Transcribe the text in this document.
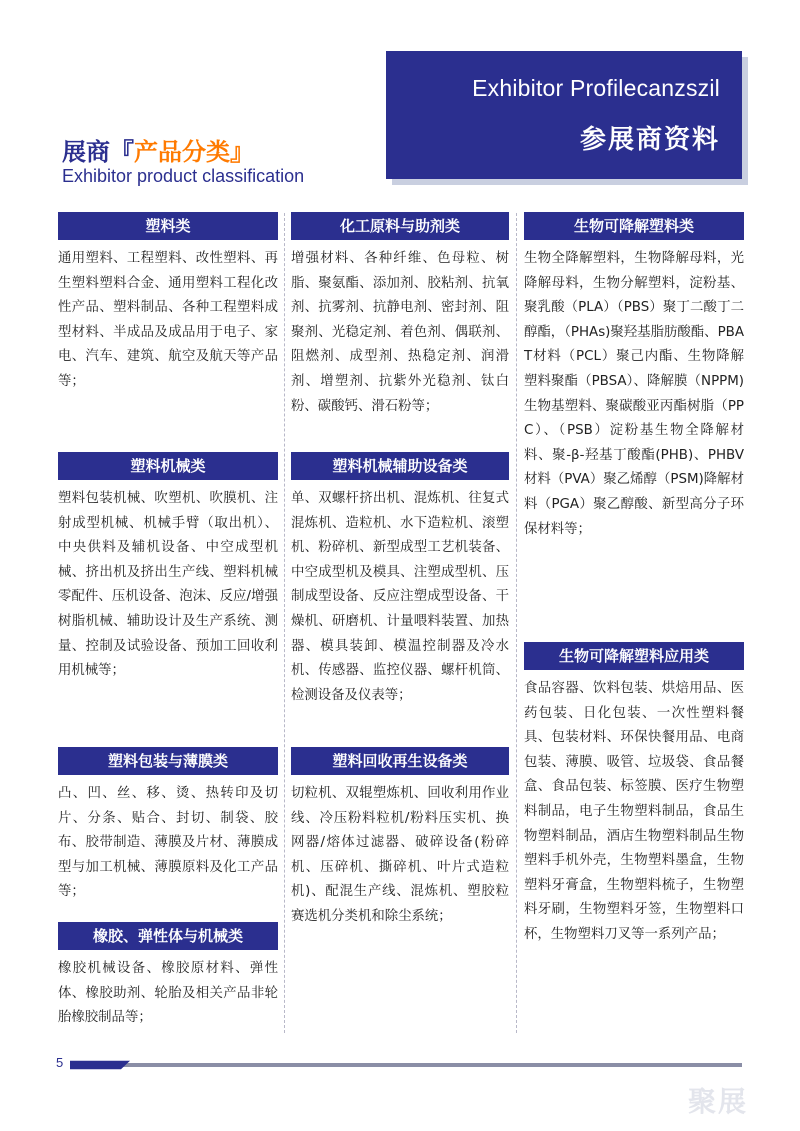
Exhibitor Profilecanzszil
参展商资料
展商『产品分类』
Exhibitor product classification
塑料类
通用塑料、工程塑料、改性塑料、再生塑料塑料合金、通用塑料工程化改性产品、塑料制品、各种工程塑料成型材料、半成品及成品用于电子、家电、汽车、建筑、航空及航天等产品等；
塑料机械类
塑料包装机械、吹塑机、吹膜机、注射成型机械、机械手臂（取出机）、中央供料及辅机设备、中空成型机械、挤出机及挤出生产线、塑料机械零配件、压机设备、泡沫、反应/增强树脂机械、辅助设计及生产系统、测量、控制及试验设备、预加工回收利用机械等；
塑料包装与薄膜类
凸、凹、丝、移、烫、热转印及切片、分条、贴合、封切、制袋、胶布、胶带制造、薄膜及片材、薄膜成型与加工机械、薄膜原料及化工产品等；
橡胶、弹性体与机械类
橡胶机械设备、橡胶原材料、弹性体、橡胶助剂、轮胎及相关产品非轮胎橡胶制品等；
化工原料与助剂类
增强材料、各种纤维、色母粒、树脂、聚氨酯、添加剂、胶粘剂、抗氧剂、抗雾剂、抗静电剂、密封剂、阻聚剂、光稳定剂、着色剂、偶联剂、阻燃剂、成型剂、热稳定剂、润滑剂、增塑剂、抗紫外光稳剂、钛白粉、碳酸钙、滑石粉等；
塑料机械辅助设备类
单、双螺杆挤出机、混炼机、往复式混炼机、造粒机、水下造粒机、滚塑机、粉碎机、新型成型工艺机装备、中空成型机及模具、注塑成型机、压制成型设备、反应注塑成型设备、干燥机、研磨机、计量喂料装置、加热器、模具装卸、模温控制器及冷水机、传感器、监控仪器、螺杆机筒、检测设备及仪表等；
塑料回收再生设备类
切粒机、双辊塑炼机、回收利用作业线、冷压粉料粒机/粉料压实机、换网器/熔体过滤器、破碎设备(粉碎机、压碎机、撕碎机、叶片式造粒机)、配混生产线、混炼机、塑胶粒赛选机分类机和除尘系统；
生物可降解塑料类
生物全降解塑料，生物降解母料，光降解母料，生物分解塑料，淀粉基、聚乳酸（PLA）（PBS）聚丁二酸丁二醇酯，（PHAs)聚羟基脂肪酸酯、PBAT材料（PCL）聚己内酯、生物降解塑料聚酯（PBSA）、降解膜（NPPM)生物基塑料、聚碳酸亚丙酯树脂（PPC）、（PSB）淀粉基生物全降解材料、聚-β-羟基丁酸酯(PHB)、PHBV材料（PVA）聚乙烯醇（PSM)降解材料（PGA）聚乙醇酸、新型高分子环保材料等；
生物可降解塑料应用类
食品容器、饮料包装、烘焙用品、医药包装、日化包装、一次性塑料餐具、包装材料、环保快餐用品、电商包装、薄膜、吸管、垃圾袋、食品餐盒、食品包装、标签膜、医疗生物塑料制品，电子生物塑料制品，食品生物塑料制品，酒店生物塑料制品生物塑料手机外壳，生物塑料墨盒，生物塑料牙膏盒，生物塑料梳子，生物塑料牙刷，生物塑料牙签，生物塑料口杯，生物塑料刀叉等一系列产品；
5
聚展
